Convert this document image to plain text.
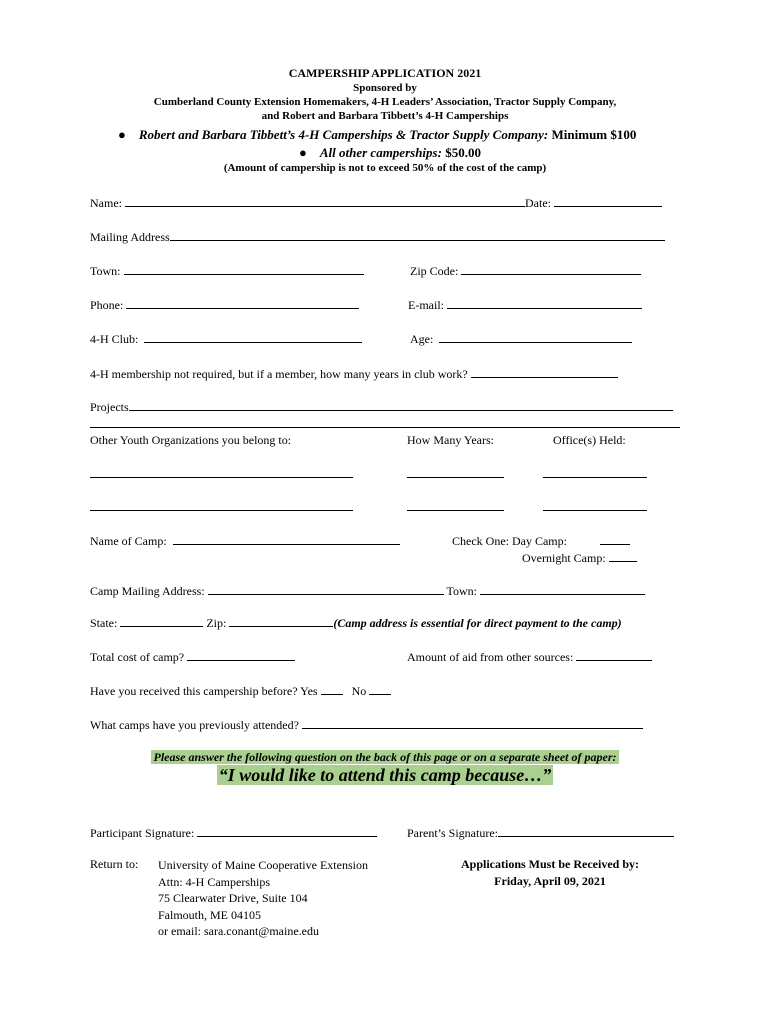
CAMPERSHIP APPLICATION 2021
Sponsored by
Cumberland County Extension Homemakers, 4-H Leaders’ Association, Tractor Supply Company,
and Robert and Barbara Tibbett’s 4-H Camperships
● Robert and Barbara Tibbett’s 4-H Camperships & Tractor Supply Company: Minimum $100
● All other camperships: $50.00
(Amount of campership is not to exceed 50% of the cost of the camp)
Name:	Date:
Mailing Address
Town:	Zip Code:
Phone:	E-mail:
4-H Club:	Age:
4-H membership not required, but if a member, how many years in club work?
Projects
Other Youth Organizations you belong to:	How Many Years:	Office(s) Held:
Name of Camp:	Check One: Day Camp:
Overnight Camp:
Camp Mailing Address:	Town:
State:	Zip:	(Camp address is essential for direct payment to the camp)
Total cost of camp?	Amount of aid from other sources:
Have you received this campership before? Yes	No
What camps have you previously attended?
Please answer the following question on the back of this page or on a separate sheet of paper:
“I would like to attend this camp because…”
Participant Signature:	Parent’s Signature:
Return to: University of Maine Cooperative Extension
Attn: 4-H Camperships
75 Clearwater Drive, Suite 104
Falmouth, ME 04105
or email: sara.conant@maine.edu
Applications Must be Received by:
Friday, April 09, 2021
